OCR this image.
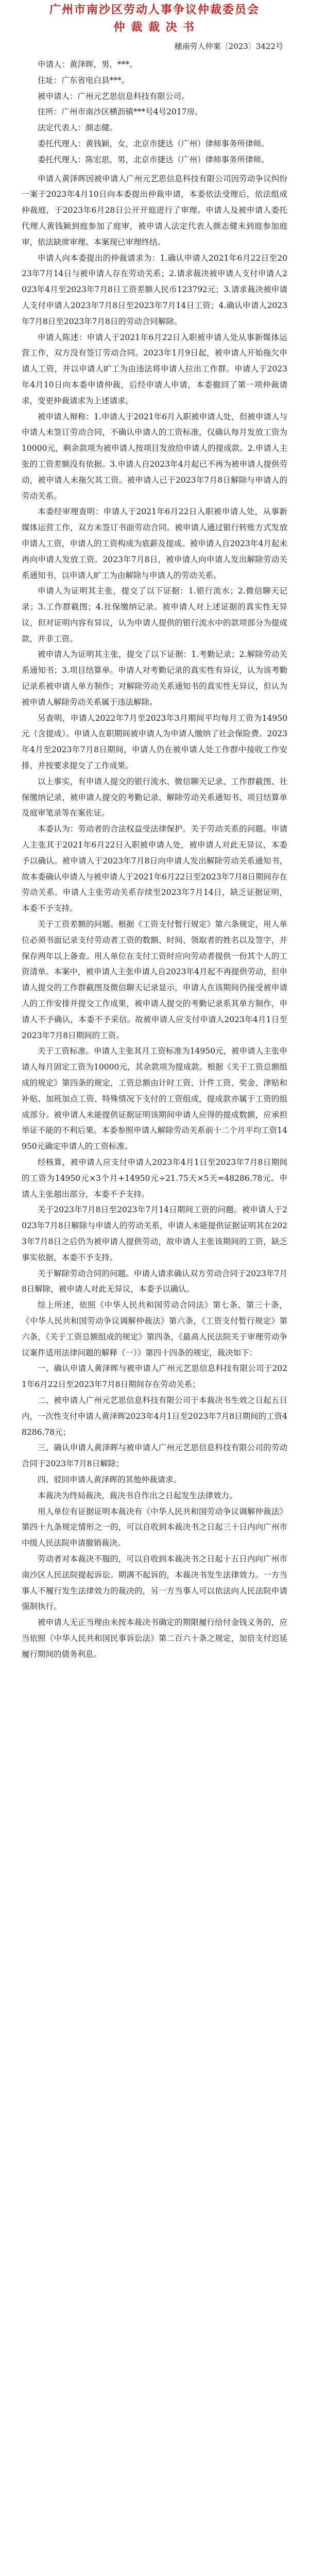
广州市南沙区劳动人事争议仲裁委员会
仲 裁 裁 决 书
穗南劳人仲案〔2023〕3422号

申请人：黄泽晖，男，***。

住址：广东省电白县***。

被申请人：广州元艺思信息科技有限公司。

住所：广州市南沙区横沥镇***号4号2017房。

法定代表人：颜志健。

委托代理人：黄钱颖，女，北京市捷达（广州）律师事务所律师。

委托代理人：陈宏思，男，北京市捷达（广州）律师事务所律师。

申请人黄泽晖因被申请人广州元艺思信息科技有限公司因劳动争议纠纷一案于2023年4月10日向本委提出仲裁申请，本委依法受理后，依法组成仲裁庭，于2023年6月28日公开开庭进行了审理。申请人及被申请人委托代理人黄钱颖到庭参加了庭审，被申请人法定代表人颜志健未到庭参加庭审，依法缺席审理。本案现已审理终结。

申请人向本委提出的仲裁请求为：1.确认申请人2021年6月22日至2023年7月14日与被申请人存在劳动关系；2.请求裁决被申请人支付申请人2023年4月至2023年7月8日工资差额人民币123792元；3.请求裁决被申请人支付申请人2023年7月8日至2023年7月14日工资；4.确认申请人2023年7月8日至2023年7月8日的劳动合同解除。

申请人陈述：申请人于2021年6月22日入职被申请人处从事新媒体运营工作，双方没有签订劳动合同。2023年1月9日起，被申请人开始拖欠申请人工资，并以申请人旷工为由违法将申请人拉出工作群。申请人于2023年4月10日向本委申请仲裁，后经申请人申请，本委撤回了第一项仲裁请求，变更仲裁请求为上述请求。

被申请人辩称：1.申请人于2021年6月入职被申请人处，但被申请人与申请人未签订劳动合同，不确认申请人的工资标准，仅确认每月发放工资为10000元，剩余款项为被申请人按项目发放给申请人的提成款。2.申请人主张的工资差额没有依据。3.申请人自2023年4月起已不再为被申请人提供劳动，被申请人未拖欠其工资。被申请人已于2023年7月8日解除与申请人的劳动关系。

本委经审理查明：申请人于2021年6月22日入职被申请人处，从事新媒体运营工作，双方未签订书面劳动合同。被申请人通过银行转账方式发放申请人工资，申请人的工资构成为底薪及提成。被申请人自2023年4月起未再向申请人发放工资。2023年7月8日，被申请人向申请人发出解除劳动关系通知书，以申请人旷工为由解除与申请人的劳动关系。

申请人为证明其主张，提交了以下证据：1.银行流水；2.微信聊天记录；3.工作群截图；4.社保缴纳记录。被申请人对上述证据的真实性无异议，但对证明内容有异议，认为申请人提供的银行流水中的款项部分为提成款，并非工资。

被申请人为证明其主张，提交了以下证据：1.考勤记录；2.解除劳动关系通知书；3.项目结算单。申请人对考勤记录的真实性有异议，认为该考勤记录系被申请人单方制作；对解除劳动关系通知书的真实性无异议，但认为被申请人解除劳动关系属于违法解除。

另查明，申请人2022年7月至2023年3月期间平均每月工资为14950元（含提成）。申请人在职期间被申请人为申请人缴纳了社会保险费。2023年4月至2023年7月8日期间，申请人仍在被申请人处工作群中接收工作安排，并按要求提交了工作成果。

以上事实，有申请人提交的银行流水、微信聊天记录、工作群截图、社保缴纳记录，被申请人提交的考勤记录、解除劳动关系通知书、项目结算单及庭审笔录等在案佐证。

本委认为：劳动者的合法权益受法律保护。关于劳动关系的问题。申请人主张其于2021年6月22日入职被申请人处，被申请人对此无异议，本委予以确认。被申请人于2023年7月8日向申请人发出解除劳动关系通知书，故本委确认申请人与被申请人于2021年6月22日至2023年7月8日期间存在劳动关系。申请人主张劳动关系存续至2023年7月14日，缺乏证据证明，本委不予支持。

关于工资差额的问题。根据《工资支付暂行规定》第六条规定，用人单位必须书面记录支付劳动者工资的数额、时间、领取者的姓名以及签字，并保存两年以上备查。用人单位在支付工资时应向劳动者提供一份其个人的工资清单。本案中，被申请人主张申请人自2023年4月起不再提供劳动，但申请人提交的工作群截图及微信聊天记录显示，申请人在该期间仍接受被申请人的工作安排并提交工作成果，被申请人提交的考勤记录系其单方制作，申请人不予确认，本委不予采信。故被申请人应支付申请人2023年4月1日至2023年7月8日期间的工资。

关于工资标准。申请人主张其月工资标准为14950元，被申请人主张申请人每月固定工资为10000元，其余款项为提成款。根据《关于工资总额组成的规定》第四条的规定，工资总额由计时工资、计件工资、奖金、津贴和补贴、加班加点工资、特殊情况下支付的工资组成，提成款亦属于工资的组成部分。被申请人未能提供证据证明该期间申请人应得的提成数额，应承担举证不能的不利后果。本委参照申请人解除劳动关系前十二个月平均工资14950元确定申请人的工资标准。

经核算，被申请人应支付申请人2023年4月1日至2023年7月8日期间的工资为14950元×3个月+14950元÷21.75天×5天=48286.78元。申请人主张超出部分，本委不予支持。

关于2023年7月8日至2023年7月14日期间工资的问题。被申请人于2023年7月8日解除与申请人的劳动关系，申请人未能提供证据证明其在2023年7月8日之后仍为被申请人提供劳动，故申请人主张该期间的工资，缺乏事实依据，本委不予支持。

关于解除劳动合同的问题。申请人请求确认双方劳动合同于2023年7月8日解除，被申请人对此无异议，本委予以确认。

综上所述，依照《中华人民共和国劳动合同法》第七条、第三十条，《中华人民共和国劳动争议调解仲裁法》第六条，《工资支付暂行规定》第六条，《关于工资总额组成的规定》第四条，《最高人民法院关于审理劳动争议案件适用法律问题的解释（一）》第四十四条的规定，裁决如下：

一、确认申请人黄泽晖与被申请人广州元艺思信息科技有限公司于2021年6月22日至2023年7月8日期间存在劳动关系；

二、被申请人广州元艺思信息科技有限公司于本裁决书生效之日起五日内，一次性支付申请人黄泽晖2023年4月1日至2023年7月8日期间的工资48286.78元；

三、确认申请人黄泽晖与被申请人广州元艺思信息科技有限公司的劳动合同于2023年7月8日解除；

四、驳回申请人黄泽晖的其他仲裁请求。

本裁决为终局裁决，裁决书自作出之日起发生法律效力。

用人单位有证据证明本裁决有《中华人民共和国劳动争议调解仲裁法》第四十九条规定情形之一的，可以自收到本裁决书之日起三十日内向广州市中级人民法院申请撤销裁决。

劳动者对本裁决不服的，可以自收到本裁决书之日起十五日内向广州市南沙区人民法院提起诉讼。期满不起诉的，本裁决书发生法律效力。一方当事人不履行发生法律效力的裁决的，另一方当事人可以依法向人民法院申请强制执行。

被申请人无正当理由未按本裁决书确定的期限履行给付金钱义务的，应当依照《中华人民共和国民事诉讼法》第二百六十条之规定，加倍支付迟延履行期间的债务利息。
